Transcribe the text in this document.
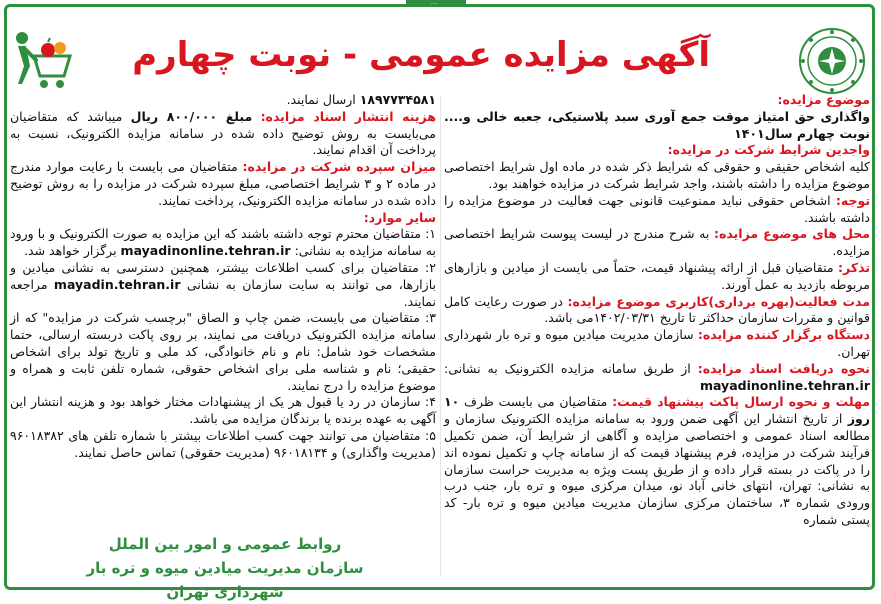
آگهی مزایده عمومی - نوبت چهارم

موضوع مزایده:

واگذاری حق امتیاز موقت جمع آوری سبد پلاستیکی، جعبه خالی و.... نوبت چهارم سال۱۴۰۱

واجدین شرایط شرکت در مزایده:

کلیه اشخاص حقیقی و حقوقی که شرایط ذکر شده در ماده اول شرایط اختصاصی موضوع مزایده را داشته باشند، واجد شرایط شرکت در مزایده خواهند بود.

توجه: اشخاص حقوقی نباید ممنوعیت قانونی جهت فعالیت در موضوع مزایده را داشته باشند.

محل های موضوع مزایده: به شرح مندرج در لیست پیوست شرایط اختصاصی مزایده.

تذکر: متقاضیان قبل از ارائه پیشنهاد قیمت، حتماً می بایست از میادین و بازارهای مربوطه بازدید به عمل آورند.

مدت فعالیت(بهره برداری)کاربری موضوع مزایده: در صورت رعایت کامل قوانین و مقررات سازمان حداکثر تا تاریخ ۱۴۰۲/۰۳/۳۱می باشد.

دستگاه برگزار کننده مزایده: سازمان مدیریت میادین میوه و تره بار شهرداری تهران.

نحوه دریافت اسناد مزایده: از طریق سامانه مزایده الکترونیک به نشانی: mayadinonline.tehran.ir

مهلت و نحوه ارسال پاکت پیشنهاد قیمت: متقاضیان می بایست ظرف ۱۰ روز از تاریخ انتشار این آگهی ضمن ورود به سامانه مزایده الکترونیک سازمان و مطالعه اسناد عمومی و اختصاصی مزایده و آگاهی از شرایط آن، ضمن تکمیل فرآیند شرکت در مزایده، فرم پیشنهاد قیمت که از سامانه چاپ و تکمیل نموده اند را در پاکت در بسته قرار داده و از طریق پست ویژه به مدیریت حراست سازمان به نشانی: تهران، انتهای خانی آباد نو، میدان مرکزی میوه و تره بار، جنب درب ورودی شماره ۳، ساختمان مرکزی سازمان مدیریت میادین میوه و تره بار- کد پستی شماره

۱۸۹۷۷۳۴۵۸۱ ارسال نمایند.

هزینه انتشار اسناد مزایده: مبلغ ۸۰۰/۰۰۰ ریال میباشد که متقاضیان می‌بایست به روش توضیح داده شده در سامانه مزایده الکترونیک، نسبت به پرداخت آن اقدام نمایند.

میزان سپرده شرکت در مزایده: متقاضیان می بایست با رعایت موارد مندرج در ماده ۲ و ۳ شرایط اختصاصی، مبلغ سپرده شرکت در مزایده را به روش توضیح داده شده در سامانه مزایده الکترونیک، پرداخت نمایند.

سایر موارد:

۱: متقاضیان محترم توجه داشته باشند که این مزایده به صورت الکترونیک و با ورود به سامانه مزایده به نشانی: mayadinonline.tehran.ir برگزار خواهد شد.

۲: متقاضیان برای کسب اطلاعات بیشتر، همچنین دسترسی به نشانی میادین و بازارها، می توانند به سایت سازمان به نشانی mayadin.tehran.ir مراجعه نمایند.

۳: متقاضیان می بایست، ضمن چاپ و الصاق "برچسب شرکت در مزایده" که از سامانه مزایده الکترونیک دریافت می نمایند، بر روی پاکت دربسته ارسالی، حتما مشخصات خود شامل: نام و نام خانوادگی، کد ملی و تاریخ تولد برای اشخاص حقیقی؛ نام و شناسه ملی برای اشخاص حقوقی، شماره تلفن ثابت و همراه و موضوع مزایده را درج نمایند.

۴: سازمان در رد یا قبول هر یک از پیشنهادات مختار خواهد بود و هزینه انتشار این آگهی به عهده برنده یا برندگان مزایده می باشد.

۵: متقاضیان می توانند جهت کسب اطلاعات بیشتر با شماره تلفن های ۹۶۰۱۸۳۸۲ (مدیریت واگذاری) و ۹۶۰۱۸۱۳۴ (مدیریت حقوقی) تماس حاصل نمایند.

روابط عمومی و امور بین الملل
سازمان مدیریت میادین میوه و تره بار شهرداری تهران
